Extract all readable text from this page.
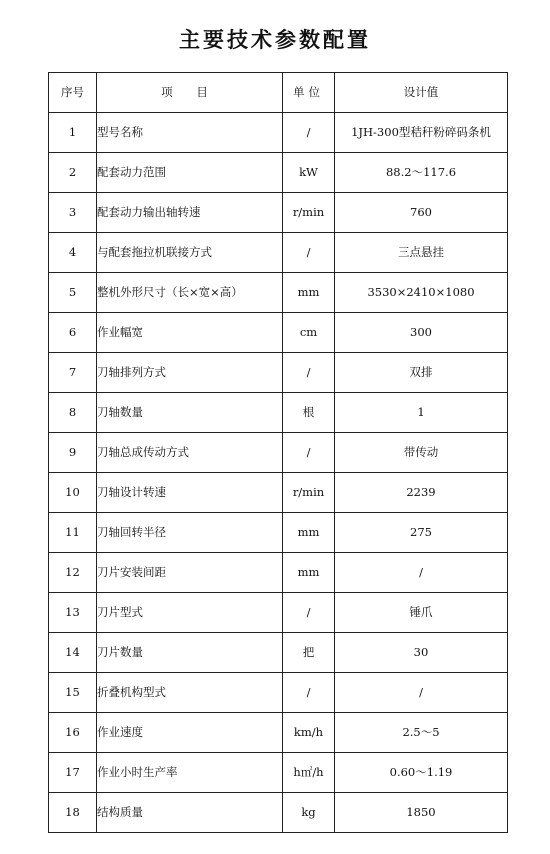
主要技术参数配置
序号	项 目	单位	设计值
1	型号名称	/	1JH-300型秸秆粉碎码条机
2	配套动力范围	kW	88.2～117.6
3	配套动力输出轴转速	r/min	760
4	与配套拖拉机联接方式	/	三点悬挂
5	整机外形尺寸（长×宽×高）	mm	3530×2410×1080
6	作业幅宽	cm	300
7	刀轴排列方式	/	双排
8	刀轴数量	根	1
9	刀轴总成传动方式	/	带传动
10	刀轴设计转速	r/min	2239
11	刀轴回转半径	mm	275
12	刀片安装间距	mm	/
13	刀片型式	/	锤爪
14	刀片数量	把	30
15	折叠机构型式	/	/
16	作业速度	km/h	2.5～5
17	作业小时生产率	h㎡/h	0.60～1.19
18	结构质量	kg	1850
